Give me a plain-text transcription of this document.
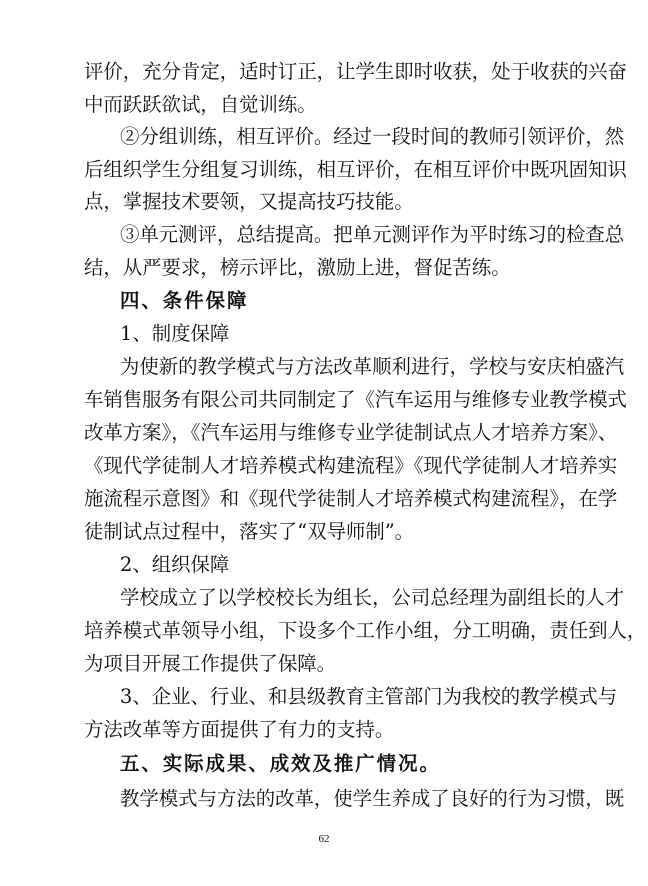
评价，充分肯定，适时订正，让学生即时收获，处于收获的兴奋
中而跃跃欲试，自觉训练。
②分组训练，相互评价。经过一段时间的教师引领评价，然
后组织学生分组复习训练，相互评价，在相互评价中既巩固知识
点，掌握技术要领，又提高技巧技能。
③单元测评，总结提高。把单元测评作为平时练习的检查总
结，从严要求，榜示评比，激励上进，督促苦练。
四、条件保障
1、制度保障
为使新的教学模式与方法改革顺利进行，学校与安庆柏盛汽
车销售服务有限公司共同制定了《汽车运用与维修专业教学模式
改革方案》，《汽车运用与维修专业学徒制试点人才培养方案》、
《现代学徒制人才培养模式构建流程》《现代学徒制人才培养实
施流程示意图》和《现代学徒制人才培养模式构建流程》，在学
徒制试点过程中，落实了“双导师制”。
2、组织保障
学校成立了以学校校长为组长，公司总经理为副组长的人才
培养模式革领导小组，下设多个工作小组，分工明确，责任到人，
为项目开展工作提供了保障。
3、企业、行业、和县级教育主管部门为我校的教学模式与
方法改革等方面提供了有力的支持。
五、实际成果、成效及推广情况。
教学模式与方法的改革，使学生养成了良好的行为习惯，既
62
